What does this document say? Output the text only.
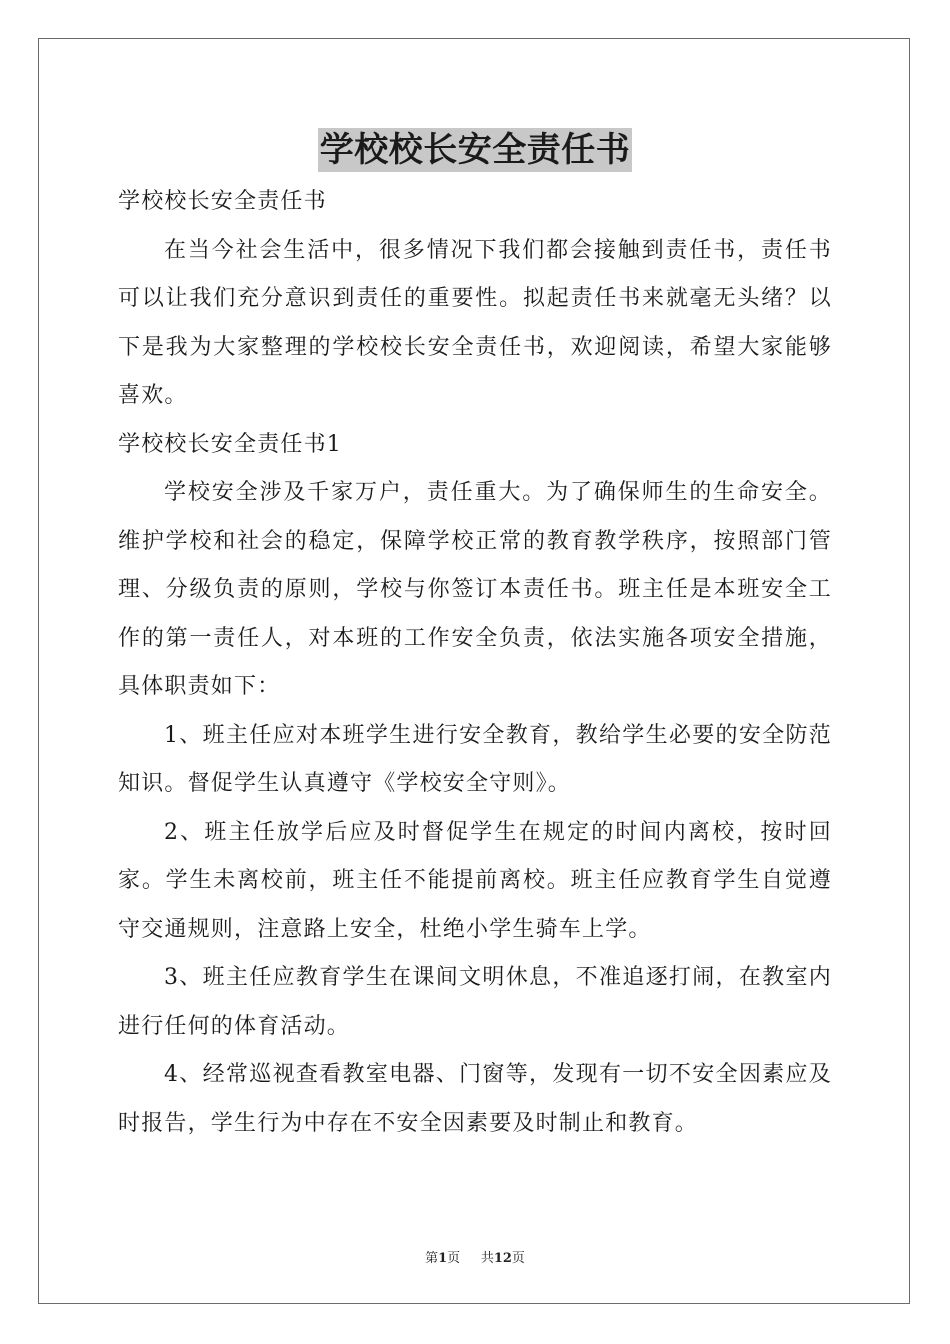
学校校长安全责任书

学校校长安全责任书

在当今社会生活中，很多情况下我们都会接触到责任书，责任书可以让我们充分意识到责任的重要性。拟起责任书来就毫无头绪？以下是我为大家整理的学校校长安全责任书，欢迎阅读，希望大家能够喜欢。

学校校长安全责任书1

学校安全涉及千家万户，责任重大。为了确保师生的生命安全。维护学校和社会的稳定，保障学校正常的教育教学秩序，按照部门管理、分级负责的原则，学校与你签订本责任书。班主任是本班安全工作的第一责任人，对本班的工作安全负责，依法实施各项安全措施，具体职责如下：

1、班主任应对本班学生进行安全教育，教给学生必要的安全防范知识。督促学生认真遵守《学校安全守则》。

2、班主任放学后应及时督促学生在规定的时间内离校，按时回家。学生未离校前，班主任不能提前离校。班主任应教育学生自觉遵守交通规则，注意路上安全，杜绝小学生骑车上学。

3、班主任应教育学生在课间文明休息，不准追逐打闹，在教室内进行任何的体育活动。

4、经常巡视查看教室电器、门窗等，发现有一切不安全因素应及时报告，学生行为中存在不安全因素要及时制止和教育。

第1页 共12页
